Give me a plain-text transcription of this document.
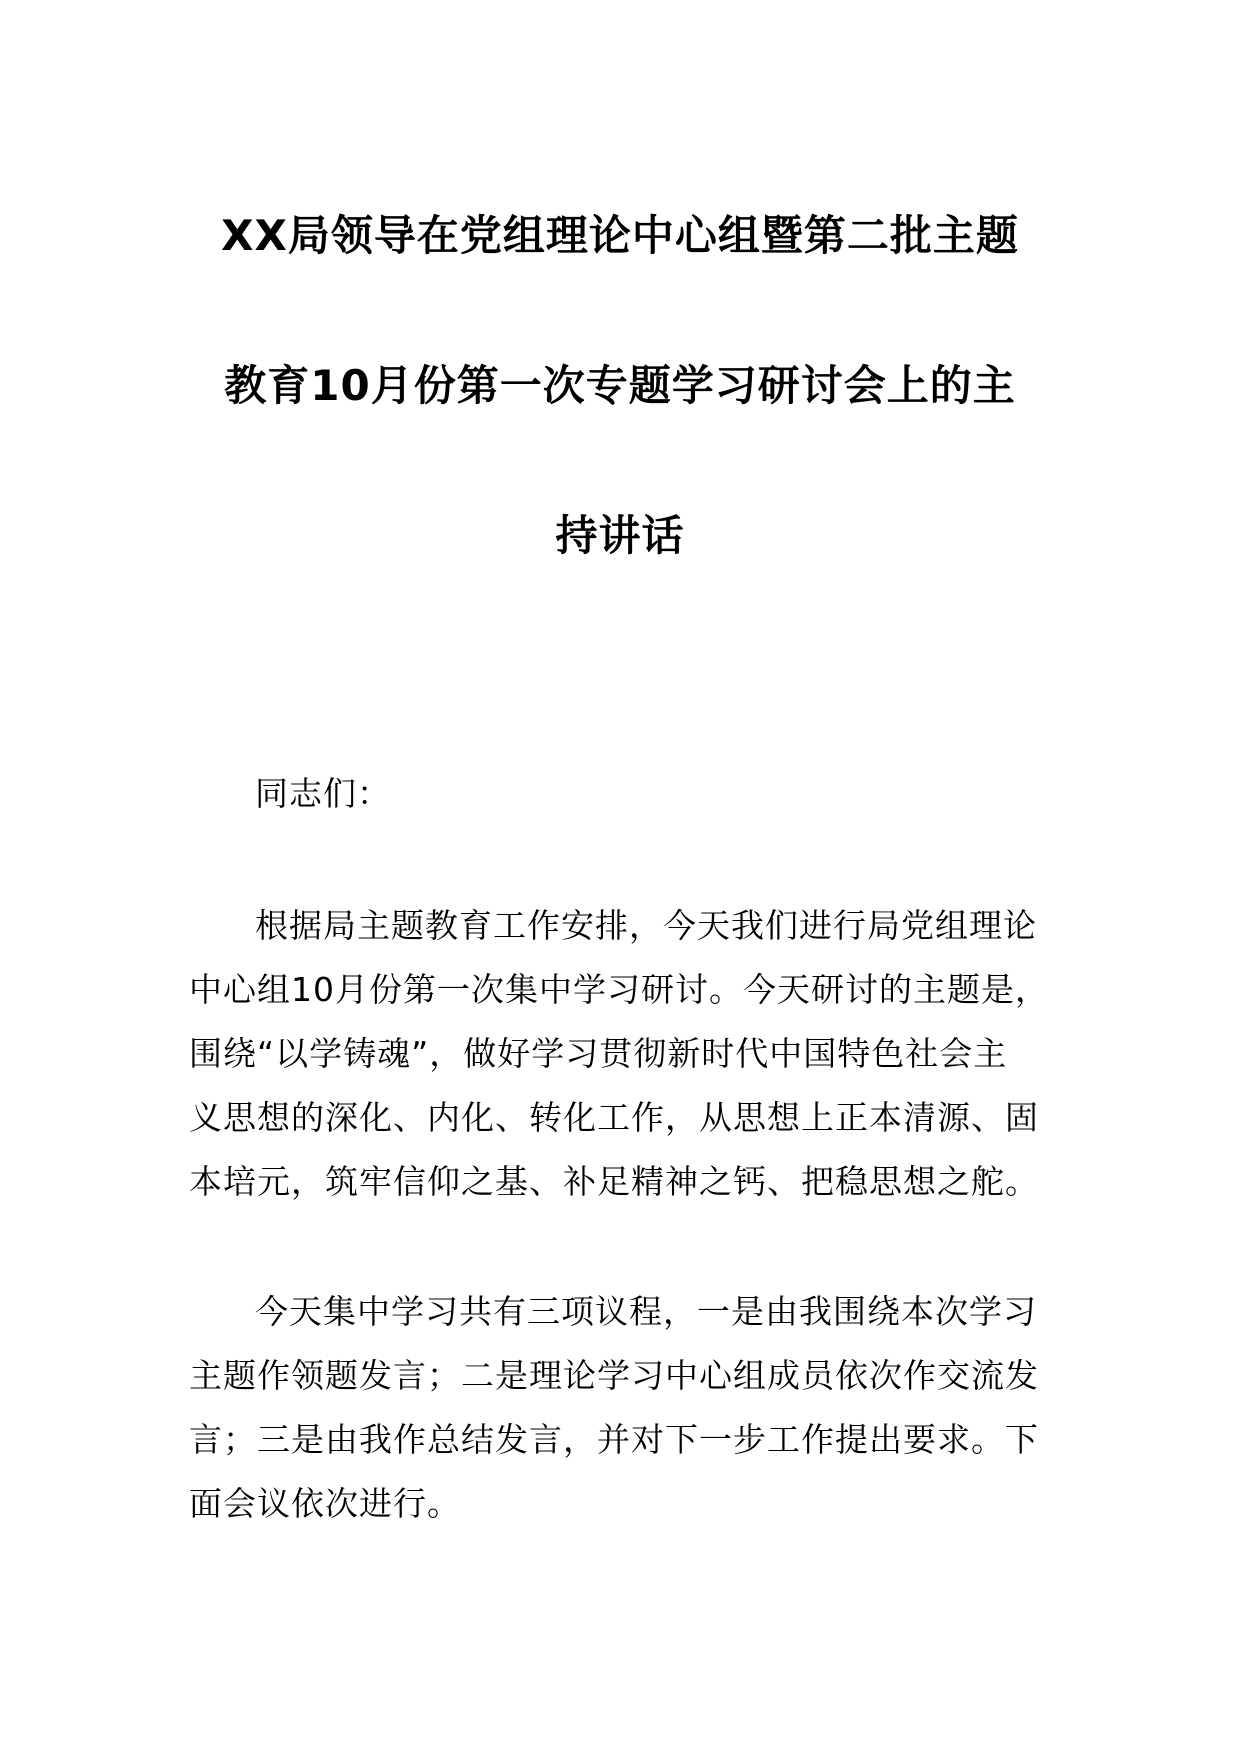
XX局领导在党组理论中心组暨第二批主题
教育10月份第一次专题学习研讨会上的主
持讲话
同志们：
根据局主题教育工作安排，今天我们进行局党组理论
中心组10月份第一次集中学习研讨。今天研讨的主题是，
围绕“以学铸魂”，做好学习贯彻新时代中国特色社会主
义思想的深化、内化、转化工作，从思想上正本清源、固
本培元，筑牢信仰之基、补足精神之钙、把稳思想之舵。
今天集中学习共有三项议程，一是由我围绕本次学习
主题作领题发言；二是理论学习中心组成员依次作交流发
言；三是由我作总结发言，并对下一步工作提出要求。下
面会议依次进行。
